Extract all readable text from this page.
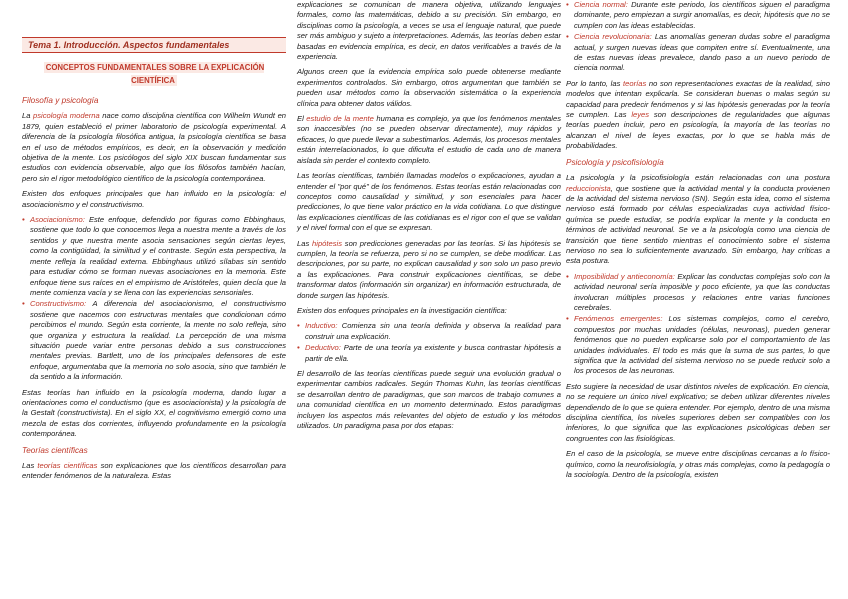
Tema 1. Introducción. Aspectos fundamentales
CONCEPTOS FUNDAMENTALES SOBRE LA EXPLICACIÓN CIENTÍFICA
Filosofía y psicología

La psicología moderna nace como disciplina científica con Wilhelm Wundt en 1879, quien estableció el primer laboratorio de psicología experimental. A diferencia de la psicología filosófica antigua, la psicología científica se basa en el uso de métodos empíricos, es decir, en la observación y medición objetiva de la mente. Los psicólogos del siglo XIX buscan fundamentar sus estudios con evidencia observable, algo que los filósofos también hacían, pero sin el rigor metodológico científico de la psicología contemporánea.

Existen dos enfoques principales que han influido en la psicología: el asociacionismo y el constructivismo.

• Asociacionismo: Este enfoque, defendido por figuras como Ebbinghaus, sostiene que todo lo que conocemos llega a nuestra mente a través de los sentidos y que nuestra mente asocia sensaciones según ciertas leyes, como la contigüidad, la similitud y el contraste. Según esta perspectiva, la mente refleja la realidad externa. Ebbinghaus utilizó sílabas sin sentido para estudiar cómo se forman nuevas asociaciones en la memoria. Este enfoque tiene sus raíces en el empirismo de Aristóteles, quien decía que la mente comienza vacía y se llena con las experiencias sensoriales.
• Constructivismo: A diferencia del asociacionismo, el constructivismo sostiene que nacemos con estructuras mentales que condicionan cómo percibimos el mundo. Según esta corriente, la mente no solo refleja, sino que organiza y estructura la realidad. La percepción de una misma situación puede variar entre personas debido a sus construcciones mentales previas. Bartlett, uno de los principales defensores de este enfoque, argumentaba que la memoria no solo asocia, sino que también le da sentido a la información.

Estas teorías han influido en la psicología moderna, dando lugar a orientaciones como el conductismo (que es asociacionista) y la psicología de la Gestalt (constructivista). En el siglo XX, el cognitivismo emergió como una mezcla de estas dos corrientes, influyendo profundamente en la psicología contemporánea.

Teorías científicas

Las teorías científicas son explicaciones que los científicos desarrollan para entender fenómenos de la naturaleza. Estas

explicaciones se comunican de manera objetiva, utilizando lenguajes formales, como las matemáticas, debido a su precisión. Sin embargo, en disciplinas como la psicología, a veces se usa el lenguaje natural, que puede ser más ambiguo y sujeto a interpretaciones. Además, las teorías deben estar basadas en evidencia empírica, es decir, en datos verificables a través de la experiencia.

Algunos creen que la evidencia empírica solo puede obtenerse mediante experimentos controlados. Sin embargo, otros argumentan que también se pueden usar métodos como la observación sistemática o la experiencia clínica para obtener datos válidos.

El estudio de la mente humana es complejo, ya que los fenómenos mentales son inaccesibles (no se pueden observar directamente), muy rápidos y eficaces, lo que puede llevar a subestimarlos. Además, los procesos mentales están interrelacionados, lo que dificulta el estudio de cada uno de manera aislada sin perder el contexto completo.

Las teorías científicas, también llamadas modelos o explicaciones, ayudan a entender el "por qué" de los fenómenos. Estas teorías están relacionadas con conceptos como causalidad y similitud, y son esenciales para hacer predicciones, lo que tiene valor práctico en la vida cotidiana. Lo que distingue las explicaciones científicas de las cotidianas es el rigor con el que se validan y el nivel formal con el que se expresan.

Las hipótesis son predicciones generadas por las teorías. Si las hipótesis se cumplen, la teoría se refuerza, pero si no se cumplen, se debe modificar. Las descripciones, por su parte, no explican causalidad y son solo un paso previo a las explicaciones. Para construir explicaciones científicas, se debe transformar datos (información sin organizar) en información estructurada, de donde surgen las hipótesis.

Existen dos enfoques principales en la investigación científica:

• Inductivo: Comienza sin una teoría definida y observa la realidad para construir una explicación.
• Deductivo: Parte de una teoría ya existente y busca contrastar hipótesis a partir de ella.

El desarrollo de las teorías científicas puede seguir una evolución gradual o experimentar cambios radicales. Según Thomas Kuhn, las teorías científicas se desarrollan dentro de paradigmas, que son marcos de trabajo comunes a una comunidad científica en un momento determinado. Estos paradigmas incluyen los aspectos más relevantes del objeto de estudio y los métodos utilizados. Un paradigma pasa por dos etapas:

• Ciencia normal: Durante este periodo, los científicos siguen el paradigma dominante, pero empiezan a surgir anomalías, es decir, hipótesis que no se cumplen con las ideas establecidas.
• Ciencia revolucionaria: Las anomalías generan dudas sobre el paradigma actual, y surgen nuevas ideas que compiten entre sí. Eventualmente, una de estas nuevas ideas prevalece, dando paso a un nuevo periodo de ciencia normal.

Por lo tanto, las teorías no son representaciones exactas de la realidad, sino modelos que intentan explicarla. Se consideran buenas o malas según su capacidad para predecir fenómenos y si las hipótesis generadas por la teoría se cumplen. Las leyes son descripciones de regularidades que algunas teorías pueden incluir, pero en psicología, la mayoría de las teorías no alcanzan el nivel de leyes exactas, por lo que se habla más de probabilidades.

Psicología y psicofisiología

La psicología y la psicofisiología están relacionadas con una postura reduccionista, que sostiene que la actividad mental y la conducta provienen de la actividad del sistema nervioso (SN). Según esta idea, como el sistema nervioso está formado por células especializadas cuya actividad físico-química se puede estudiar, se podría explicar la mente y la conducta en términos de actividad neuronal. Se ve a la psicología como una ciencia de transición que tiene sentido mientras el conocimiento sobre el sistema nervioso no sea lo suficientemente avanzado. Sin embargo, hay críticas a esta postura.

• Imposibilidad y antieconomía: Explicar las conductas complejas solo con la actividad neuronal sería imposible y poco eficiente, ya que las conductas involucran múltiples procesos y relaciones entre varias funciones cerebrales.
• Fenómenos emergentes: Los sistemas complejos, como el cerebro, compuestos por muchas unidades (células, neuronas), pueden generar fenómenos que no pueden explicarse solo por el comportamiento de las unidades individuales. El todo es más que la suma de sus partes, lo que significa que la actividad del sistema nervioso no se puede reducir solo a los procesos de las neuronas.

Esto sugiere la necesidad de usar distintos niveles de explicación. En ciencia, no se requiere un único nivel explicativo; se deben utilizar diferentes niveles dependiendo de lo que se quiera entender. Por ejemplo, dentro de una misma disciplina científica, los niveles superiores deben ser compatibles con los inferiores, lo que significa que las explicaciones psicológicas deben ser congruentes con las fisiológicas.

En el caso de la psicología, se mueve entre disciplinas cercanas a lo físico-químico, como la neurofisiología, y otras más complejas, como la pedagogía o la sociología. Dentro de la psicología, existen
